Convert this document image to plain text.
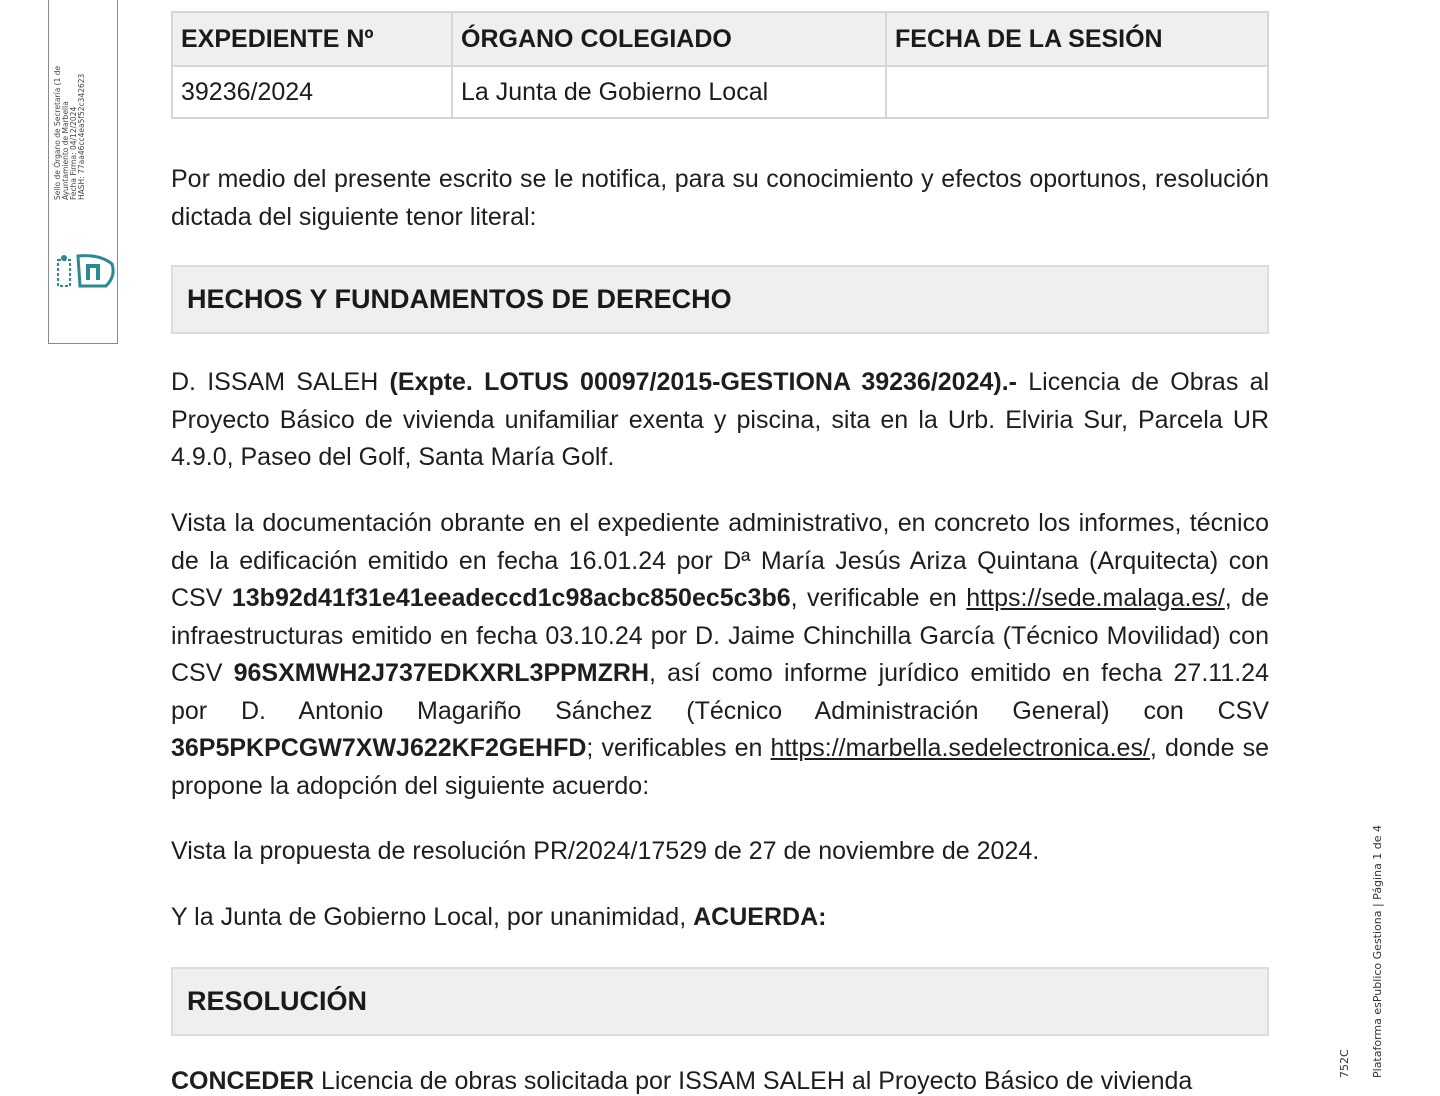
Sello de Órgano de Secretaría (1 de Ayuntamiento de Marbella Fecha Firma: 04/12/2024 HASH: 77aa46cc4ea5f52c342623
Plataforma esPublico Gestiona | Página 1 de 4
752C
EXPEDIENTE Nº	ÓRGANO COLEGIADO	FECHA DE LA SESIÓN
39236/2024	La Junta de Gobierno Local	
Por medio del presente escrito se le notifica, para su conocimiento y efectos oportunos, resolución dictada del siguiente tenor literal:
HECHOS Y FUNDAMENTOS DE DERECHO
D. ISSAM SALEH (Expte. LOTUS 00097/2015-GESTIONA 39236/2024).- Licencia de Obras al Proyecto Básico de vivienda unifamiliar exenta y piscina, sita en la Urb. Elviria Sur, Parcela UR 4.9.0, Paseo del Golf, Santa María Golf.
Vista la documentación obrante en el expediente administrativo, en concreto los informes, técnico de la edificación emitido en fecha 16.01.24 por Dª María Jesús Ariza Quintana (Arquitecta) con CSV 13b92d41f31e41eeadeccd1c98acbc850ec5c3b6, verificable en https://sede.malaga.es/, de infraestructuras emitido en fecha 03.10.24 por D. Jaime Chinchilla García (Técnico Movilidad) con CSV 96SXMWH2J737EDKXRL3PPMZRH, así como informe jurídico emitido en fecha 27.11.24 por D. Antonio Magariño Sánchez (Técnico Administración General) con CSV 36P5PKPCGW7XWJ622KF2GEHFD; verificables en https://marbella.sedelectronica.es/, donde se propone la adopción del siguiente acuerdo:
Vista la propuesta de resolución PR/2024/17529 de 27 de noviembre de 2024.
Y la Junta de Gobierno Local, por unanimidad, ACUERDA:
RESOLUCIÓN
CONCEDER Licencia de obras solicitada por ISSAM SALEH al Proyecto Básico de vivienda
